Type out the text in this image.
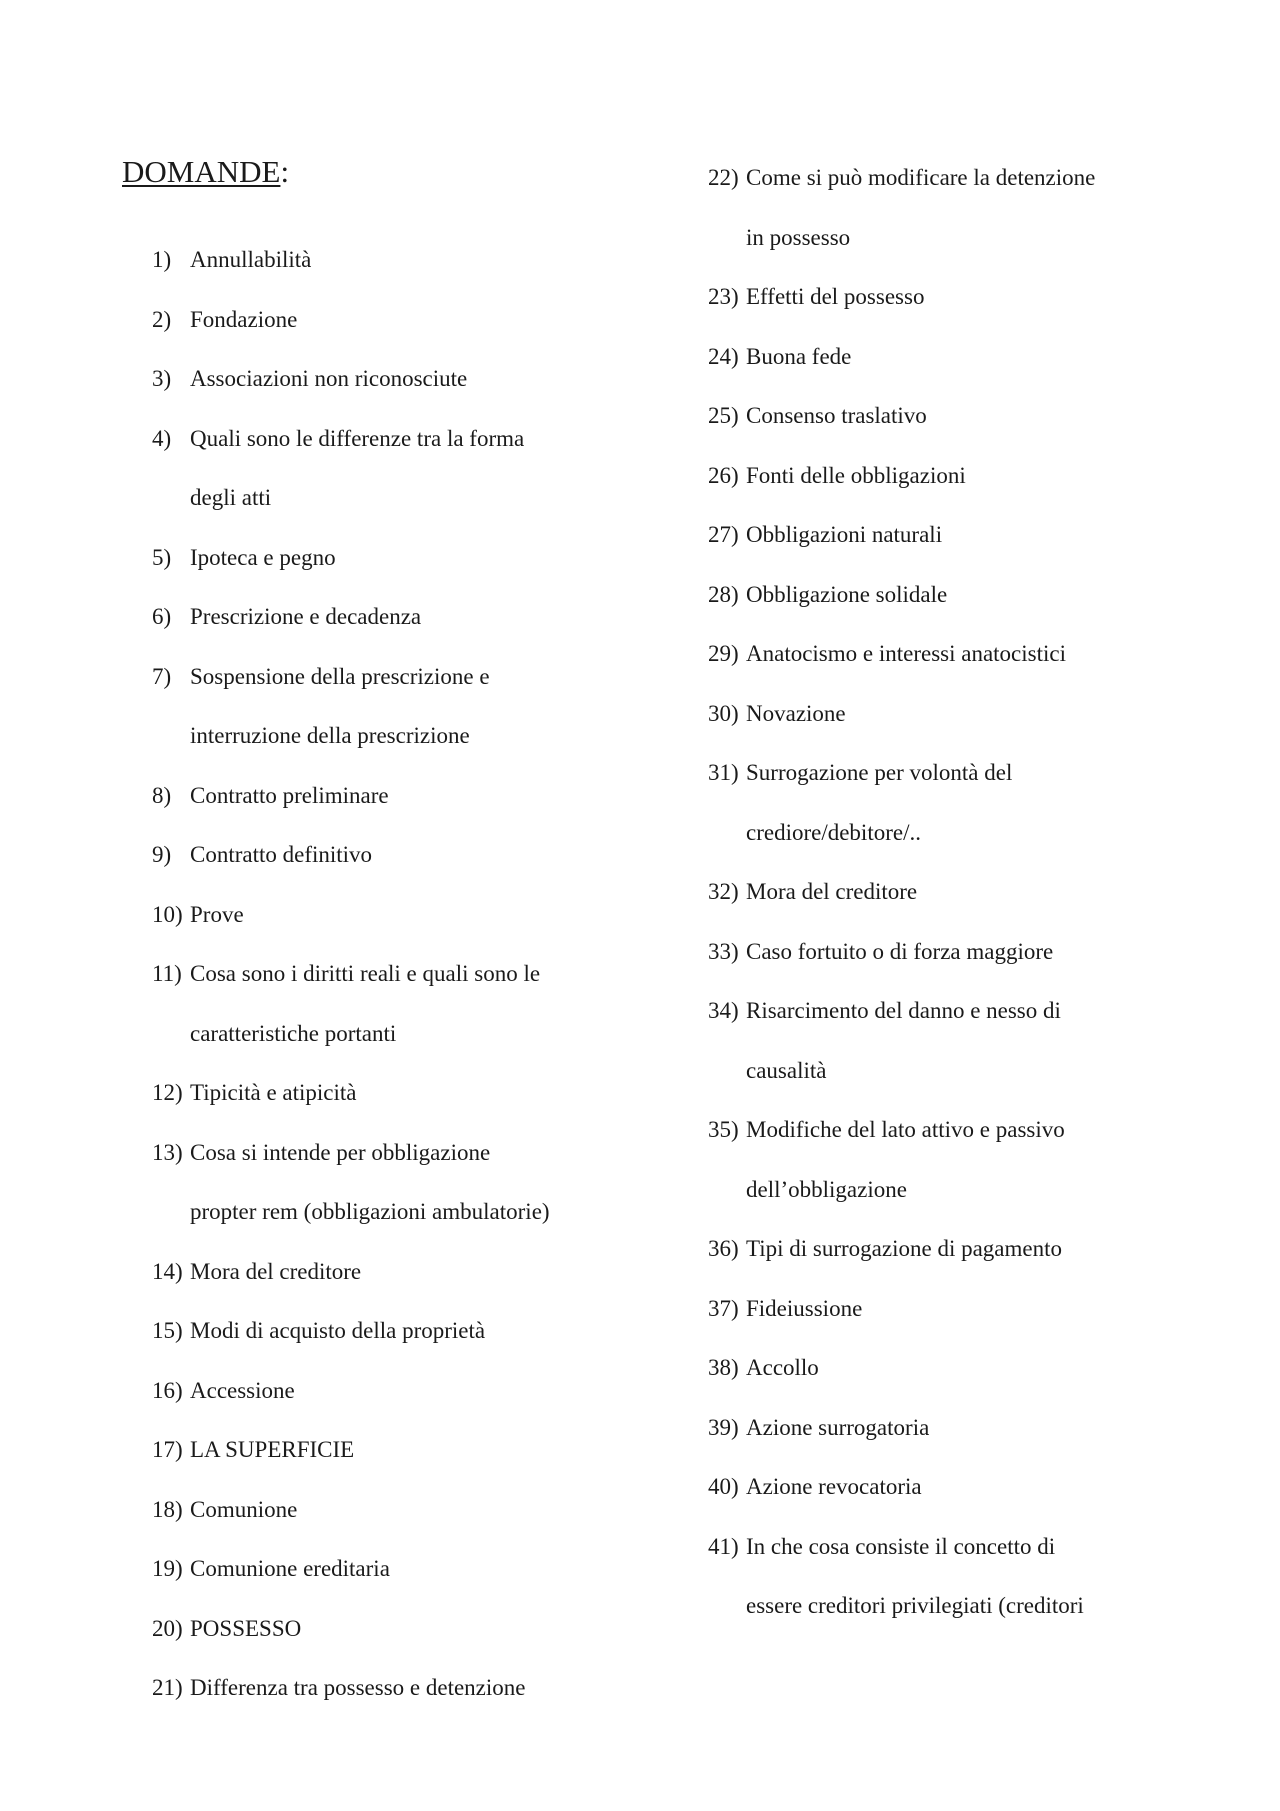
DOMANDE:
1) Annullabilità
2) Fondazione
3) Associazioni non riconosciute
4) Quali sono le differenze tra la forma
degli atti
5) Ipoteca e pegno
6) Prescrizione e decadenza
7) Sospensione della prescrizione e
interruzione della prescrizione
8) Contratto preliminare
9) Contratto definitivo
10) Prove
11) Cosa sono i diritti reali e quali sono le
caratteristiche portanti
12) Tipicità e atipicità
13) Cosa si intende per obbligazione
propter rem (obbligazioni ambulatorie)
14) Mora del creditore
15) Modi di acquisto della proprietà
16) Accessione
17) LA SUPERFICIE
18) Comunione
19) Comunione ereditaria
20) POSSESSO
21) Differenza tra possesso e detenzione
22) Come si può modificare la detenzione
in possesso
23) Effetti del possesso
24) Buona fede
25) Consenso traslativo
26) Fonti delle obbligazioni
27) Obbligazioni naturali
28) Obbligazione solidale
29) Anatocismo e interessi anatocistici
30) Novazione
31) Surrogazione per volontà del
crediore/debitore/..
32) Mora del creditore
33) Caso fortuito o di forza maggiore
34) Risarcimento del danno e nesso di
causalità
35) Modifiche del lato attivo e passivo
dell’obbligazione
36) Tipi di surrogazione di pagamento
37) Fideiussione
38) Accollo
39) Azione surrogatoria
40) Azione revocatoria
41) In che cosa consiste il concetto di
essere creditori privilegiati (creditori
